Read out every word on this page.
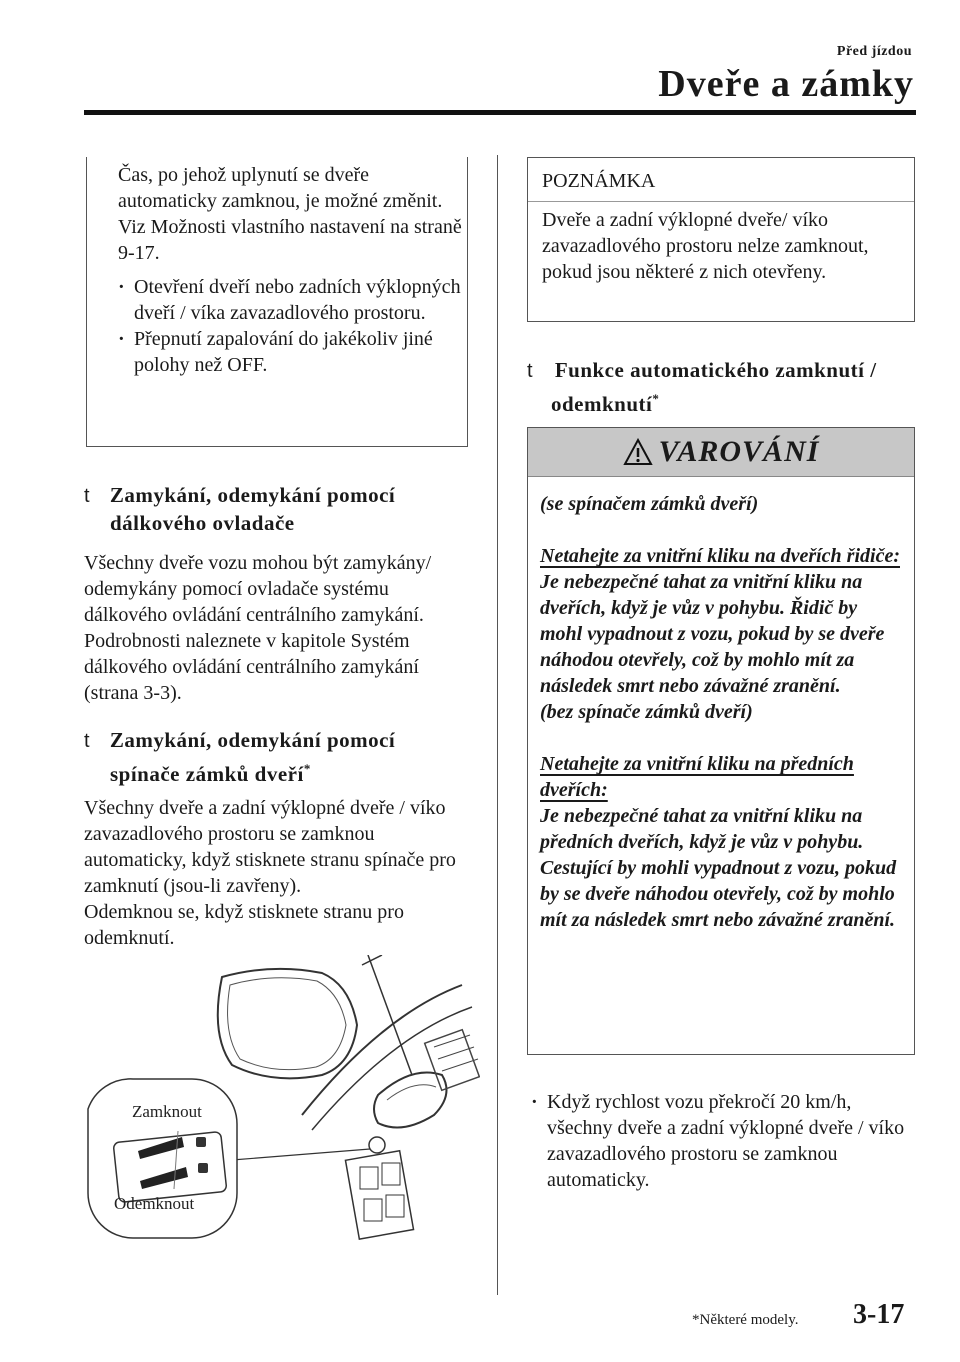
Před jízdou
Dveře a zámky

Čas, po jehož uplynutí se dveře automaticky zamknou, je možné změnit.

Viz Možnosti vlastního nastavení na straně 9-17.

· Otevření dveří nebo zadních výklopných dveří / víka zavazadlového prostoru.
· Přepnutí zapalování do jakékoliv jiné polohy než OFF.
t Zamykání, odemykání pomocí
dálkového ovladače
Všechny dveře vozu mohou být zamykány/ odemykány pomocí ovladače systému dálkového ovládání centrálního zamykání. Podrobnosti naleznete v kapitole Systém dálkového ovládání centrálního zamykání (strana 3-3).
t Zamykání, odemykání pomocí
spínače zámků dveří*

Všechny dveře a zadní výklopné dveře / víko zavazadlového prostoru se zamknou automaticky, když stisknete stranu spínače pro zamknutí (jsou-li zavřeny).

Odemknou se, když stisknete stranu pro odemknutí.

Zamknout
Odemknout
POZNÁMKA
Dveře a zadní výklopné dveře/ víko zavazadlového prostoru nelze zamknout, pokud jsou některé z nich otevřeny.
t Funkce automatického zamknutí /
odemknutí*
VAROVÁNÍ
(se spínačem zámků dveří)
Netahejte za vnitřní kliku na dveřích řidiče:
Je nebezpečné tahat za vnitřní kliku na dveřích, když je vůz v pohybu. Řidič by mohl vypadnout z vozu, pokud by se dveře náhodou otevřely, což by mohlo mít za následek smrt nebo závažné zranění.
(bez spínače zámků dveří)
Netahejte za vnitřní kliku na předních dveřích:
Je nebezpečné tahat za vnitřní kliku na předních dveřích, když je vůz v pohybu. Cestující by mohli vypadnout z vozu, pokud by se dveře náhodou otevřely, což by mohlo mít za následek smrt nebo závažné zranění.
· Když rychlost vozu překročí 20 km/h, všechny dveře a zadní výklopné dveře / víko zavazadlového prostoru se zamknou automaticky.
*Některé modely. 3-17
